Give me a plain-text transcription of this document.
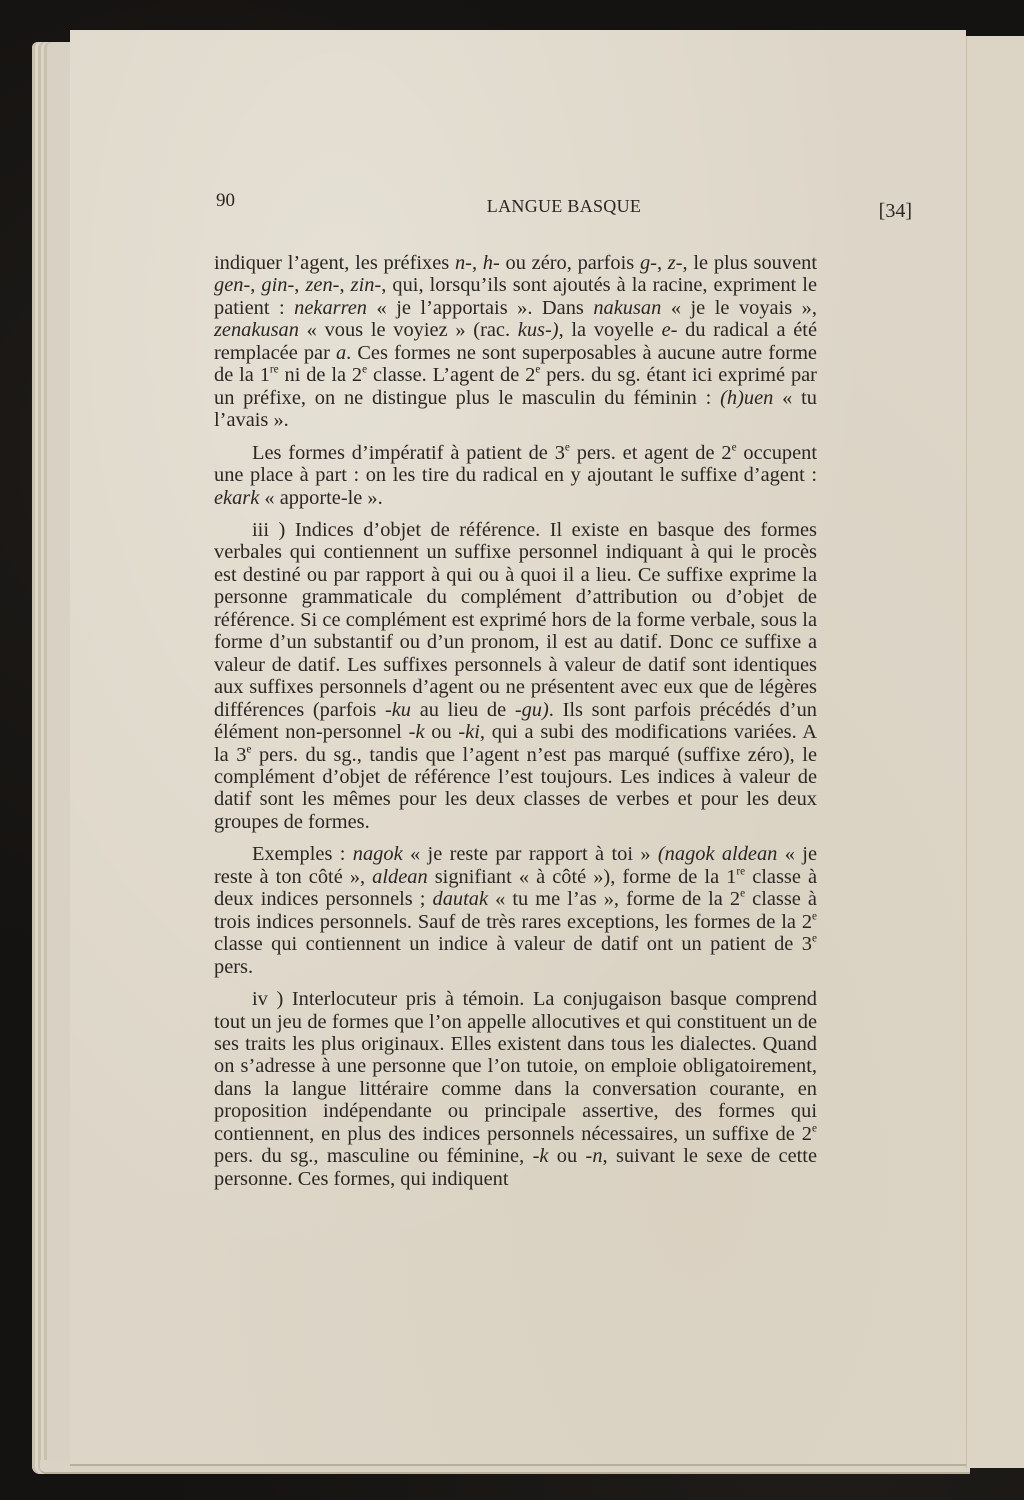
90	LANGUE BASQUE	[34]

indiquer l’agent, les préfixes n-, h- ou zéro, parfois g-, z-, le plus souvent gen-, gin-, zen-, zin-, qui, lorsqu’ils sont ajoutés à la racine, expriment le patient : nekarren « je l’apportais ». Dans nakusan « je le voyais », zenakusan « vous le voyiez » (rac. kus-), la voyelle e- du radical a été remplacée par a. Ces formes ne sont superposables à aucune autre forme de la 1re ni de la 2e classe. L’agent de 2e pers. du sg. étant ici exprimé par un préfixe, on ne distingue plus le masculin du féminin : (h)uen « tu l’avais ».

Les formes d’impératif à patient de 3e pers. et agent de 2e occupent une place à part : on les tire du radical en y ajoutant le suffixe d’agent : ekark « apporte-le ».

iii ) Indices d’objet de référence. Il existe en basque des formes verbales qui contiennent un suffixe personnel indiquant à qui le procès est destiné ou par rapport à qui ou à quoi il a lieu. Ce suffixe exprime la personne grammaticale du complément d’attribution ou d’objet de référence. Si ce complément est exprimé hors de la forme verbale, sous la forme d’un substantif ou d’un pronom, il est au datif. Donc ce suffixe a valeur de datif. Les suffixes personnels à valeur de datif sont identiques aux suffixes personnels d’agent ou ne présentent avec eux que de légères différences (parfois -ku au lieu de -gu). Ils sont parfois précédés d’un élément non-personnel -k ou -ki, qui a subi des modifications variées. A la 3e pers. du sg., tandis que l’agent n’est pas marqué (suffixe zéro), le complément d’objet de référence l’est toujours. Les indices à valeur de datif sont les mêmes pour les deux classes de verbes et pour les deux groupes de formes.

Exemples : nagok « je reste par rapport à toi » (nagok aldean « je reste à ton côté », aldean signifiant « à côté »), forme de la 1re classe à deux indices personnels ; dautak « tu me l’as », forme de la 2e classe à trois indices personnels. Sauf de très rares exceptions, les formes de la 2e classe qui contiennent un indice à valeur de datif ont un patient de 3e pers.

iv ) Interlocuteur pris à témoin. La conjugaison basque comprend tout un jeu de formes que l’on appelle allocutives et qui constituent un de ses traits les plus originaux. Elles existent dans tous les dialectes. Quand on s’adresse à une personne que l’on tutoie, on emploie obligatoirement, dans la langue littéraire comme dans la conversation courante, en proposition indépendante ou principale assertive, des formes qui contiennent, en plus des indices personnels nécessaires, un suffixe de 2e pers. du sg., masculine ou féminine, -k ou -n, suivant le sexe de cette personne. Ces formes, qui indiquent
